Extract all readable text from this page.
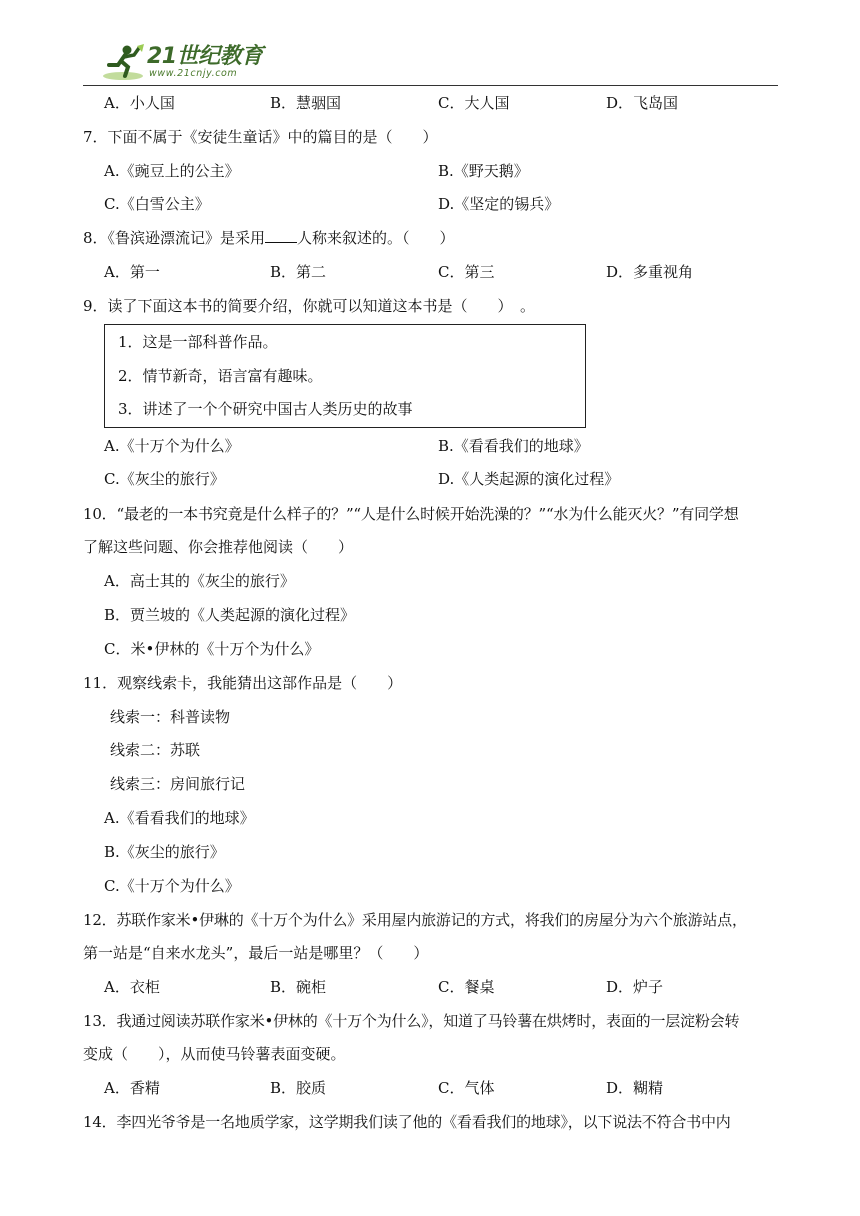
21世纪教育
www.21cnjy.com
A．小人国	B．慧骃国	C．大人国	D．飞岛国
7．下面不属于《安徒生童话》中的篇目的是（　　）
A.《豌豆上的公主》	B.《野天鹅》
C.《白雪公主》	D.《坚定的锡兵》
8．《鲁滨逊漂流记》是采用 人称来叙述的。（　　）
A．第一	B．第二	C．第三	D．多重视角
9．读了下面这本书的简要介绍，你就可以知道这本书是（　　）　。
1．这是一部科普作品。
2．情节新奇，语言富有趣味。
3．讲述了一个个研究中国古人类历史的故事
A.《十万个为什么》	B.《看看我们的地球》
C.《灰尘的旅行》	D.《人类起源的演化过程》
10．“最老的一本书究竟是什么样子的？”“人是什么时候开始洗澡的？”“水为什么能灭火？”有同学想
了解这些问题、你会推荐他阅读（　　）
A．高士其的《灰尘的旅行》
B．贾兰坡的《人类起源的演化过程》
C．米•伊林的《十万个为什么》
11．观察线索卡，我能猜出这部作品是（　　）
线索一：科普读物
线索二：苏联
线索三：房间旅行记
A.《看看我们的地球》
B.《灰尘的旅行》
C.《十万个为什么》
12．苏联作家米•伊琳的《十万个为什么》采用屋内旅游记的方式，将我们的房屋分为六个旅游站点，
第一站是“自来水龙头”，最后一站是哪里？（　　）
A．衣柜	B．碗柜	C．餐桌	D．炉子
13．我通过阅读苏联作家米•伊林的《十万个为什么》，知道了马铃薯在烘烤时，表面的一层淀粉会转
变成（　　），从而使马铃薯表面变硬。
A．香精	B．胶质	C．气体	D．糊精
14．李四光爷爷是一名地质学家，这学期我们读了他的《看看我们的地球》，以下说法不符合书中内
